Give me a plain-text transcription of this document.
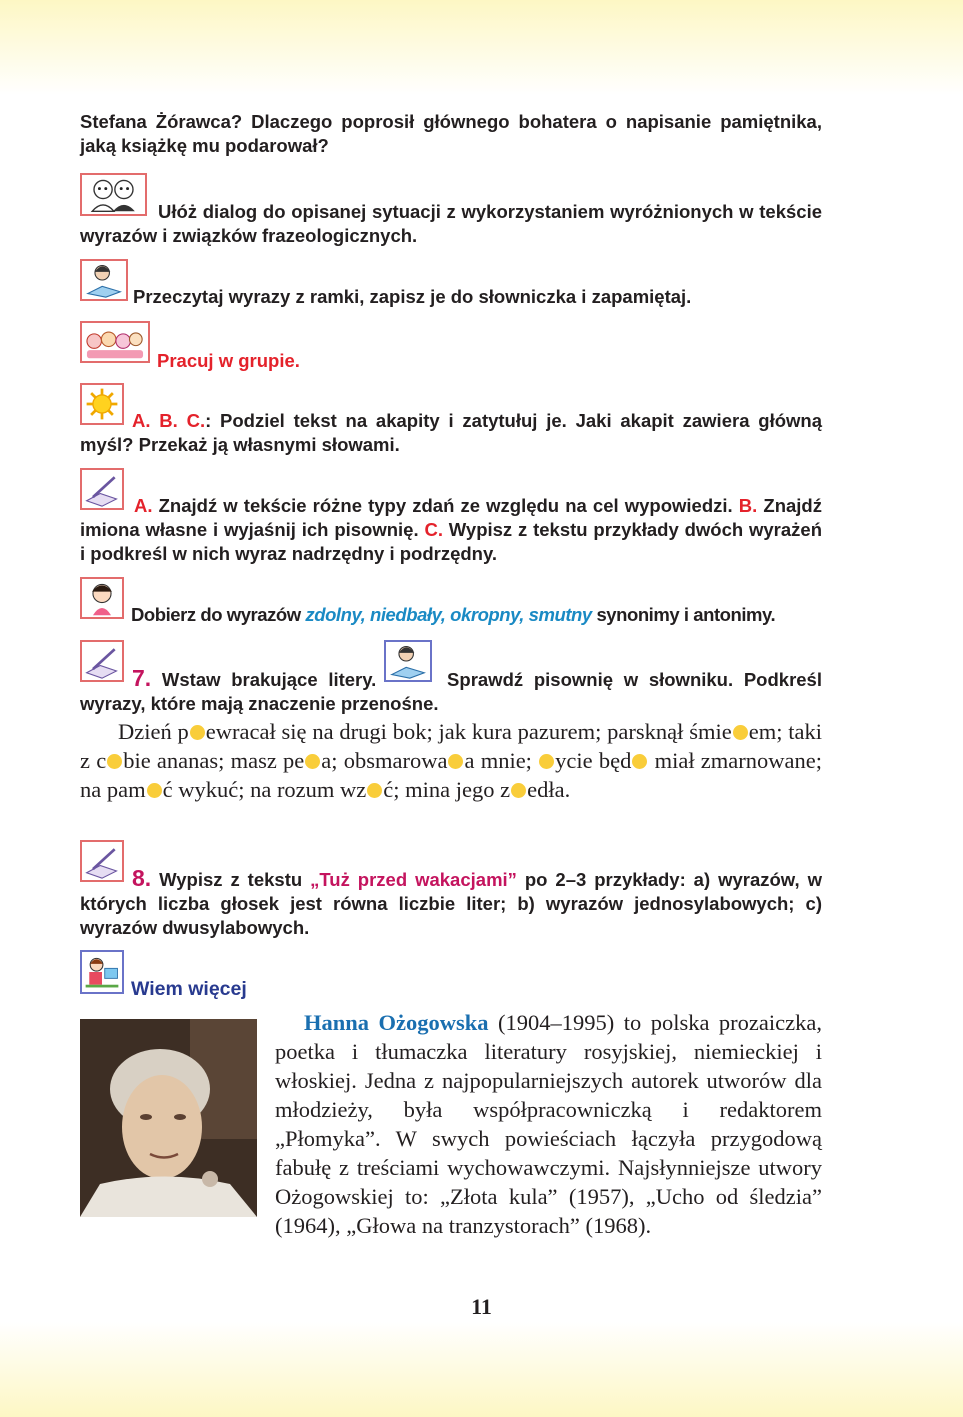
Stefana Żórawca? Dlaczego poprosił głównego bohatera o napisanie pamiętnika, jaką książkę mu podarował?
Ułóż dialog do opisanej sytuacji z wykorzystaniem wyróżnionych w tekście wyrazów i związków frazeologicznych.
Przeczytaj wyrazy z ramki, zapisz je do słowniczka i zapamiętaj.
Pracuj w grupie.
A. B. C.: Podziel tekst na akapity i zatytułuj je. Jaki akapit zawiera główną myśl? Przekaż ją własnymi słowami.
A. Znajdź w tekście różne typy zdań ze względu na cel wypowiedzi. B. Znajdź imiona własne i wyjaśnij ich pisownię. C. Wypisz z tekstu przykłady dwóch wyrażeń i podkreśl w nich wyraz nadrzędny i podrzędny.
Dobierz do wyrazów zdolny, niedbały, okropny, smutny synonimy i antonimy.
7. Wstaw brakujące litery.	Sprawdź pisownię w słowniku. Podkreśl wyrazy, które mają znaczenie przenośne.
Dzień p ewracał się na drugi bok; jak kura pazurem; parsknął śmie em; taki z c bie ananas; masz pe a; obsmarowa a mnie; ycie będ miał zmarnowane; na pam ć wykuć; na rozum wz ć; mina jego z edła.
8. Wypisz z tekstu „Tuż przed wakacjami” po 2–3 przykłady: a) wyrazów, w których liczba głosek jest równa liczbie liter; b) wyrazów jednosylabowych; c) wyrazów dwusylabowych.
Wiem więcej
Hanna Ożogowska (1904–1995) to polska prozaiczka, poetka i tłumaczka literatury rosyjskiej, niemieckiej i włoskiej. Jedna z najpopularniejszych autorek utworów dla młodzieży, była współpracowniczką i redaktorem „Płomyka”. W swych powieściach łączyła przygodową fabułę z treściami wychowawczymi. Najsłynniejsze utwory Ożogowskiej to: „Złota kula” (1957), „Ucho od śledzia” (1964), „Głowa na tranzystorach” (1968).
11
